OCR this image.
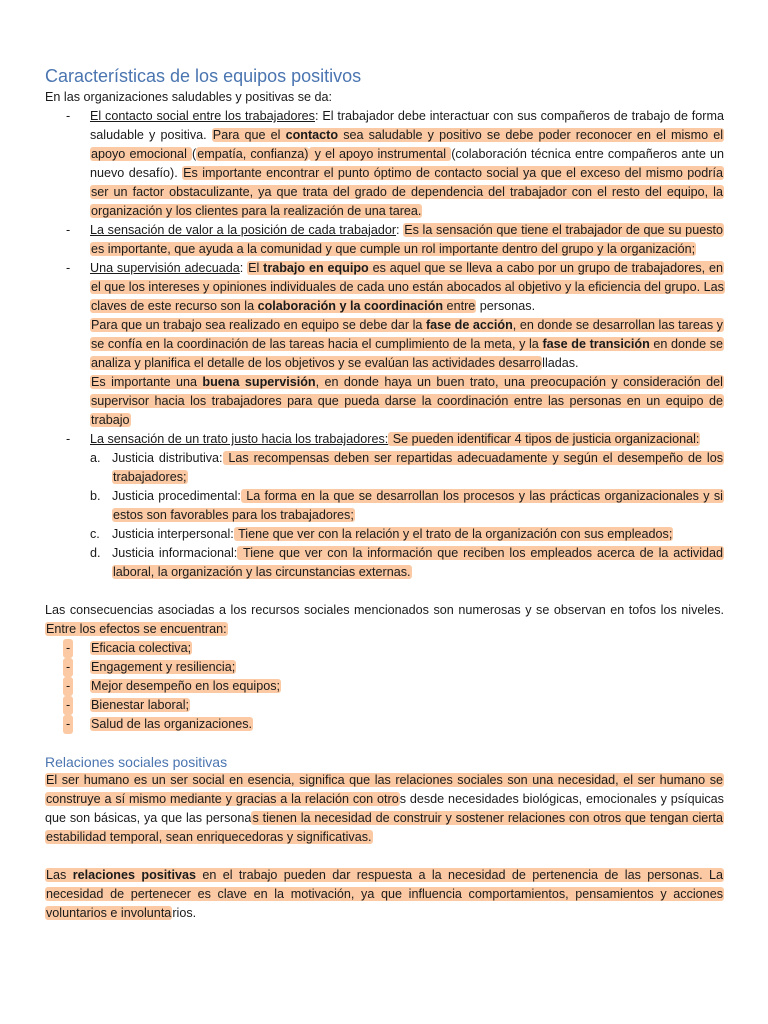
Características de los equipos positivos

En las organizaciones saludables y positivas se da:

- El contacto social entre los trabajadores: El trabajador debe interactuar con sus compañeros de trabajo de forma saludable y positiva. Para que el contacto sea saludable y positivo se debe poder reconocer en el mismo el apoyo emocional (empatía, confianza) y el apoyo instrumental (colaboración técnica entre compañeros ante un nuevo desafío). Es importante encontrar el punto óptimo de contacto social ya que el exceso del mismo podría ser un factor obstaculizante, ya que trata del grado de dependencia del trabajador con el resto del equipo, la organización y los clientes para la realización de una tarea.
- La sensación de valor a la posición de cada trabajador: Es la sensación que tiene el trabajador de que su puesto es importante, que ayuda a la comunidad y que cumple un rol importante dentro del grupo y la organización;
- Una supervisión adecuada: El trabajo en equipo es aquel que se lleva a cabo por un grupo de trabajadores, en el que los intereses y opiniones individuales de cada uno están abocados al objetivo y la eficiencia del grupo. Las claves de este recurso son la colaboración y la coordinación entre personas.
Para que un trabajo sea realizado en equipo se debe dar la fase de acción, en donde se desarrollan las tareas y se confía en la coordinación de las tareas hacia el cumplimiento de la meta, y la fase de transición en donde se analiza y planifica el detalle de los objetivos y se evalúan las actividades desarrolladas.
Es importante una buena supervisión, en donde haya un buen trato, una preocupación y consideración del supervisor hacia los trabajadores para que pueda darse la coordinación entre las personas en un equipo de trabajo
- La sensación de un trato justo hacia los trabajadores: Se pueden identificar 4 tipos de justicia organizacional:
a. Justicia distributiva: Las recompensas deben ser repartidas adecuadamente y según el desempeño de los trabajadores;
b. Justicia procedimental: La forma en la que se desarrollan los procesos y las prácticas organizacionales y si estos son favorables para los trabajadores;
c. Justicia interpersonal: Tiene que ver con la relación y el trato de la organización con sus empleados;
d. Justicia informacional: Tiene que ver con la información que reciben los empleados acerca de la actividad laboral, la organización y las circunstancias externas.

Las consecuencias asociadas a los recursos sociales mencionados son numerosas y se observan en tofos los niveles. Entre los efectos se encuentran:

- Eficacia colectiva;
- Engagement y resiliencia;
- Mejor desempeño en los equipos;
- Bienestar laboral;
- Salud de las organizaciones.
Relaciones sociales positivas

El ser humano es un ser social en esencia, significa que las relaciones sociales son una necesidad, el ser humano se construye a sí mismo mediante y gracias a la relación con otros desde necesidades biológicas, emocionales y psíquicas que son básicas, ya que las personas tienen la necesidad de construir y sostener relaciones con otros que tengan cierta estabilidad temporal, sean enriquecedoras y significativas.

Las relaciones positivas en el trabajo pueden dar respuesta a la necesidad de pertenencia de las personas. La necesidad de pertenecer es clave en la motivación, ya que influencia comportamientos, pensamientos y acciones voluntarios e involuntarios.
